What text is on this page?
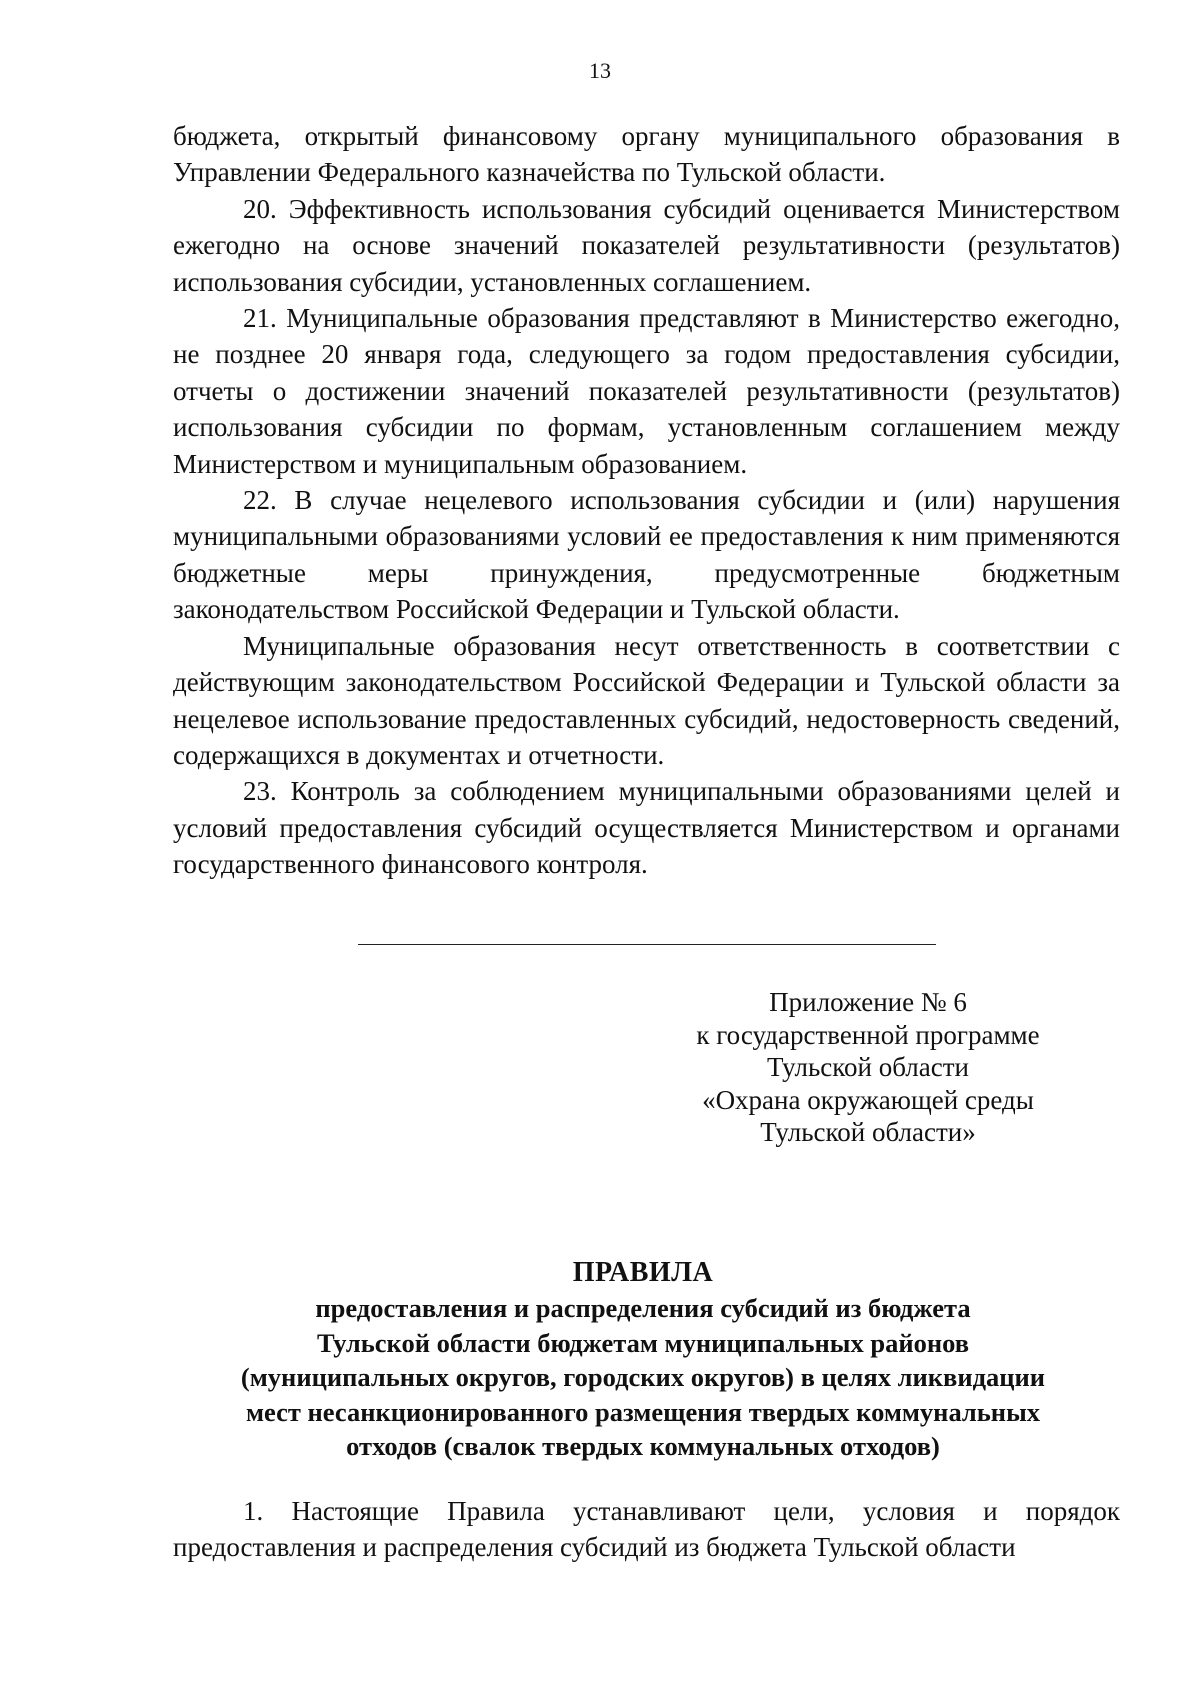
13

бюджета, открытый финансовому органу муниципального образования в Управлении Федерального казначейства по Тульской области.

20. Эффективность использования субсидий оценивается Министерством ежегодно на основе значений показателей результативности (результатов) использования субсидии, установленных соглашением.

21. Муниципальные образования представляют в Министерство ежегодно, не позднее 20 января года, следующего за годом предоставления субсидии, отчеты о достижении значений показателей результативности (результатов) использования субсидии по формам, установленным соглашением между Министерством и муниципальным образованием.

22. В случае нецелевого использования субсидии и (или) нарушения муниципальными образованиями условий ее предоставления к ним применяются бюджетные меры принуждения, предусмотренные бюджетным законодательством Российской Федерации и Тульской области.

Муниципальные образования несут ответственность в соответствии с действующим законодательством Российской Федерации и Тульской области за нецелевое использование предоставленных субсидий, недостоверность сведений, содержащихся в документах и отчетности.

23. Контроль за соблюдением муниципальными образованиями целей и условий предоставления субсидий осуществляется Министерством и органами государственного финансового контроля.

Приложение № 6
к государственной программе
Тульской области
«Охрана окружающей среды
Тульской области»
ПРАВИЛА
предоставления и распределения субсидий из бюджета
Тульской области бюджетам муниципальных районов
(муниципальных округов, городских округов) в целях ликвидации
мест несанкционированного размещения твердых коммунальных
отходов (свалок твердых коммунальных отходов)

1. Настоящие Правила устанавливают цели, условия и порядок предоставления и распределения субсидий из бюджета Тульской области
